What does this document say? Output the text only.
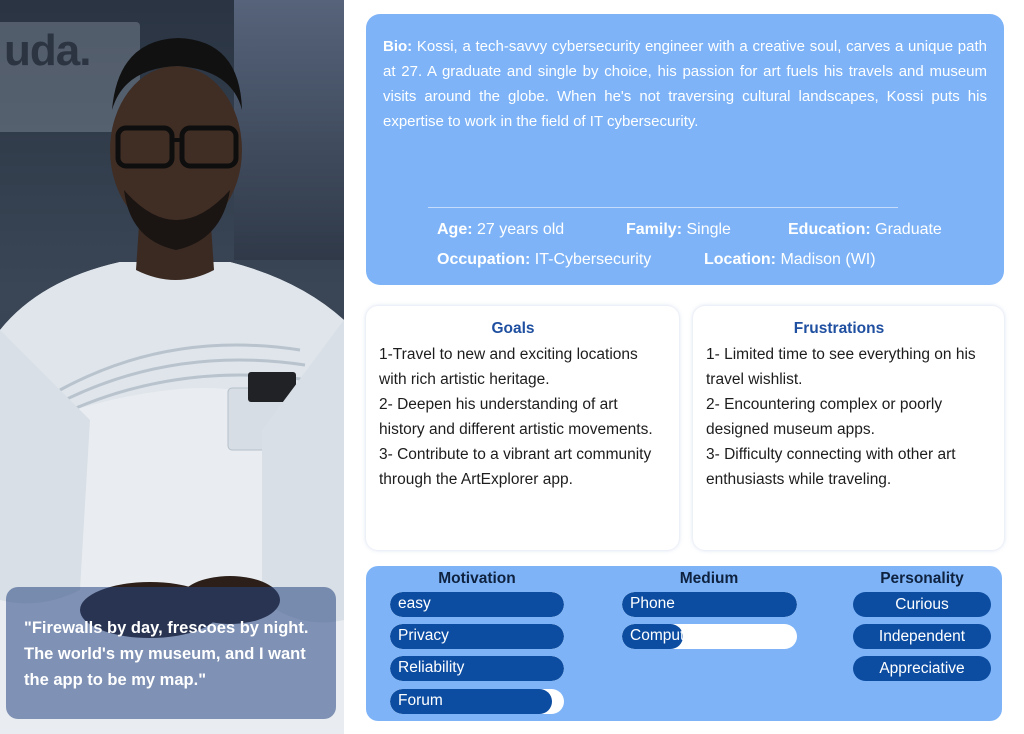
uda.
"Firewalls by day, frescoes by night. The world's my museum, and I want the app to be my map."
Bio: Kossi, a tech-savvy cybersecurity engineer with a creative soul, carves a unique path at 27. A graduate and single by choice, his passion for art fuels his travels and museum visits around the globe. When he's not traversing cultural landscapes, Kossi puts his expertise to work in the field of IT cybersecurity.
Age: 27 years old	Family: Single	Education: Graduate
Occupation: IT-Cybersecurity	Location: Madison (WI)
Goals

1-Travel to new and exciting locations with rich artistic heritage.

2- Deepen his understanding of art history and different artistic movements.

3- Contribute to a vibrant art community through the ArtExplorer app.

Frustrations

1- Limited time to see everything on his travel wishlist.

2- Encountering complex or poorly designed museum apps.

3- Difficulty connecting with other art enthusiasts while traveling.

Motivation	Medium	Personality
easy
Privacy
Reliability
Forum
Phone
Computer
Curious
Independent
Appreciative
